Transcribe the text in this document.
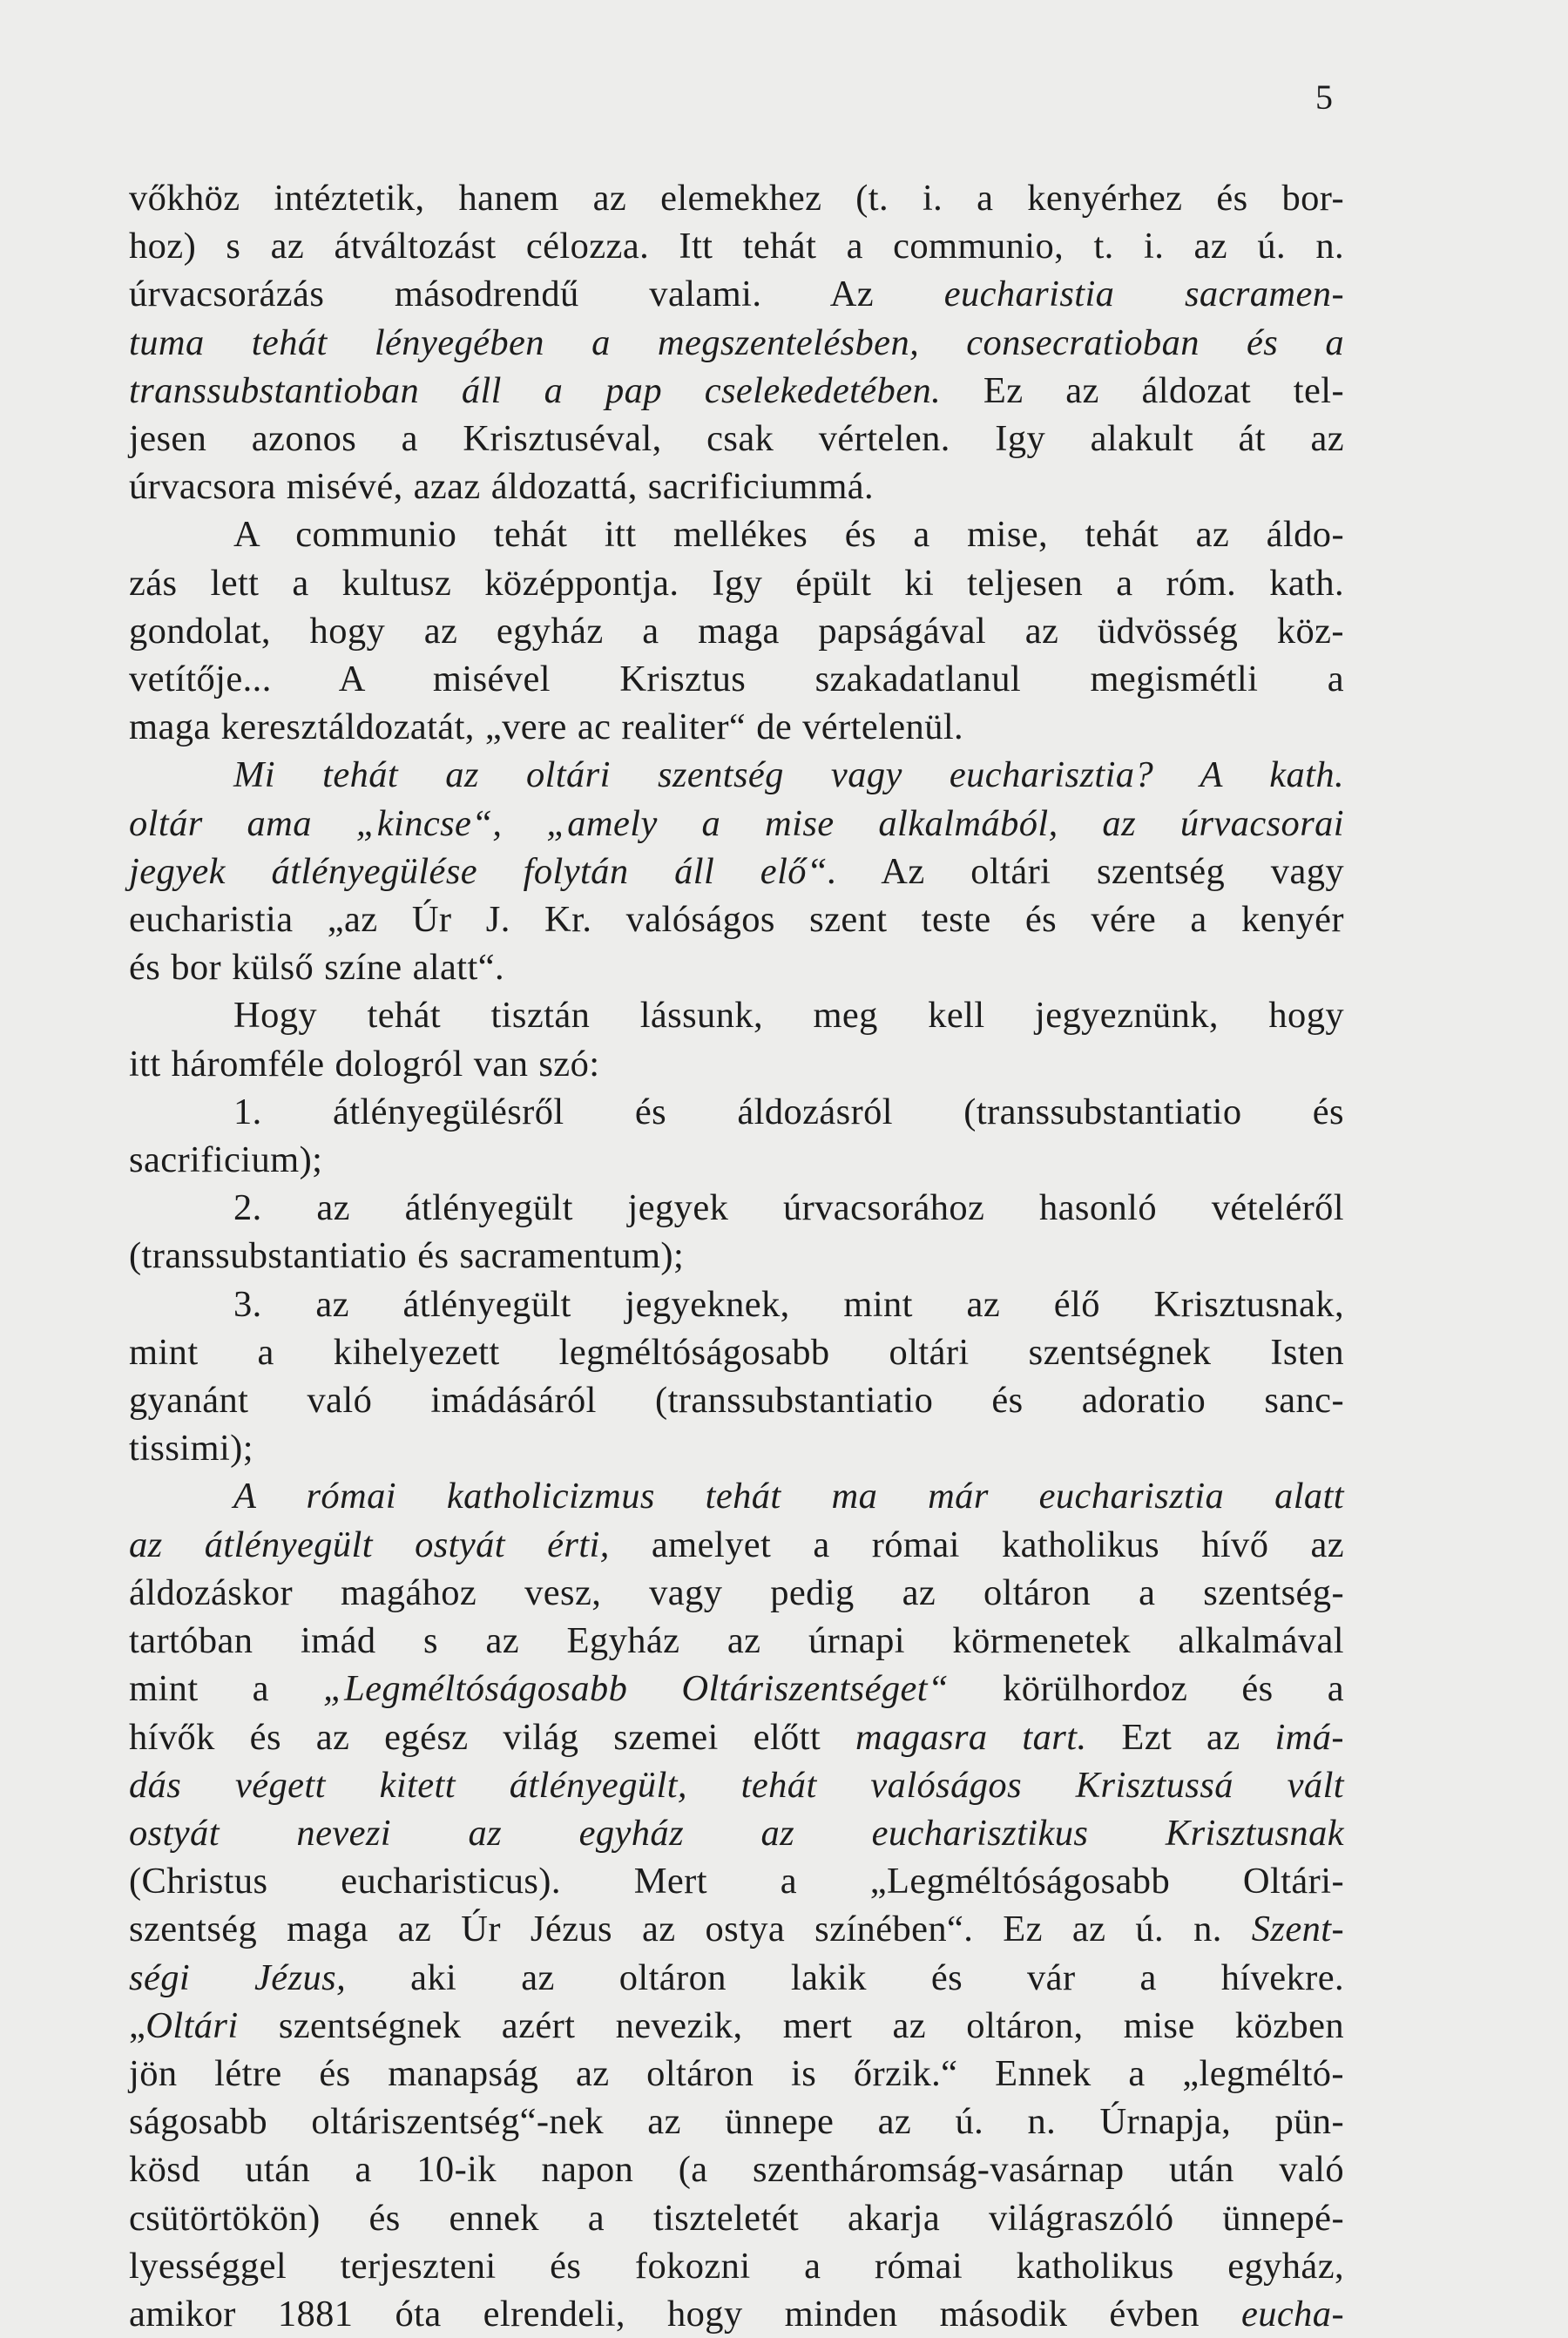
5

vőkhöz intéztetik, hanem az elemekhez (t. i. a kenyérhez és bor-

hoz) s az átváltozást célozza. Itt tehát a communio, t. i. az ú. n.

úrvacsorázás másodrendű valami. Az eucharistia sacramen-

tuma tehát lényegében a megszentelésben, consecratioban és a

transsubstantioban áll a pap cselekedetében. Ez az áldozat tel-

jesen azonos a Krisztuséval, csak vértelen. Igy alakult át az

úrvacsora misévé, azaz áldozattá, sacrificiummá.

A communio tehát itt mellékes és a mise, tehát az áldo-

zás lett a kultusz középpontja. Igy épült ki teljesen a róm. kath.

gondolat, hogy az egyház a maga papságával az üdvösség köz-

vetítője... A misével Krisztus szakadatlanul megismétli a

maga keresztáldozatát, „vere ac realiter“ de vértelenül.

Mi tehát az oltári szentség vagy eucharisztia? A kath.

oltár ama „kincse“, „amely a mise alkalmából, az úrvacsorai

jegyek átlényegülése folytán áll elő“. Az oltári szentség vagy

eucharistia „az Úr J. Kr. valóságos szent teste és vére a kenyér

és bor külső színe alatt“.

Hogy tehát tisztán lássunk, meg kell jegyeznünk, hogy

itt háromféle dologról van szó:

1. átlényegülésről és áldozásról (transsubstantiatio és

sacrificium);

2. az átlényegült jegyek úrvacsorához hasonló vételéről

(transsubstantiatio és sacramentum);

3. az átlényegült jegyeknek, mint az élő Krisztusnak,

mint a kihelyezett legméltóságosabb oltári szentségnek Isten

gyanánt való imádásáról (transsubstantiatio és adoratio sanc-

tissimi);

A római katholicizmus tehát ma már eucharisztia alatt

az átlényegült ostyát érti, amelyet a római katholikus hívő az

áldozáskor magához vesz, vagy pedig az oltáron a szentség-

tartóban imád s az Egyház az úrnapi körmenetek alkalmával

mint a „Legméltóságosabb Oltáriszentséget“ körülhordoz és a

hívők és az egész világ szemei előtt magasra tart. Ezt az imá-

dás végett kitett átlényegült, tehát valóságos Krisztussá vált

ostyát nevezi az egyház az eucharisztikus Krisztusnak

(Christus eucharisticus). Mert a „Legméltóságosabb Oltári-

szentség maga az Úr Jézus az ostya színében“. Ez az ú. n. Szent-

ségi Jézus, aki az oltáron lakik és vár a hívekre.

„Oltári szentségnek azért nevezik, mert az oltáron, mise közben

jön létre és manapság az oltáron is őrzik.“ Ennek a „legméltó-

ságosabb oltáriszentség“-nek az ünnepe az ú. n. Úrnapja, pün-

kösd után a 10-ik napon (a szentháromság-vasárnap után való

csütörtökön) és ennek a tiszteletét akarja világraszóló ünnepé-

lyességgel terjeszteni és fokozni a római katholikus egyház,

amikor 1881 óta elrendeli, hogy minden második évben eucha-
